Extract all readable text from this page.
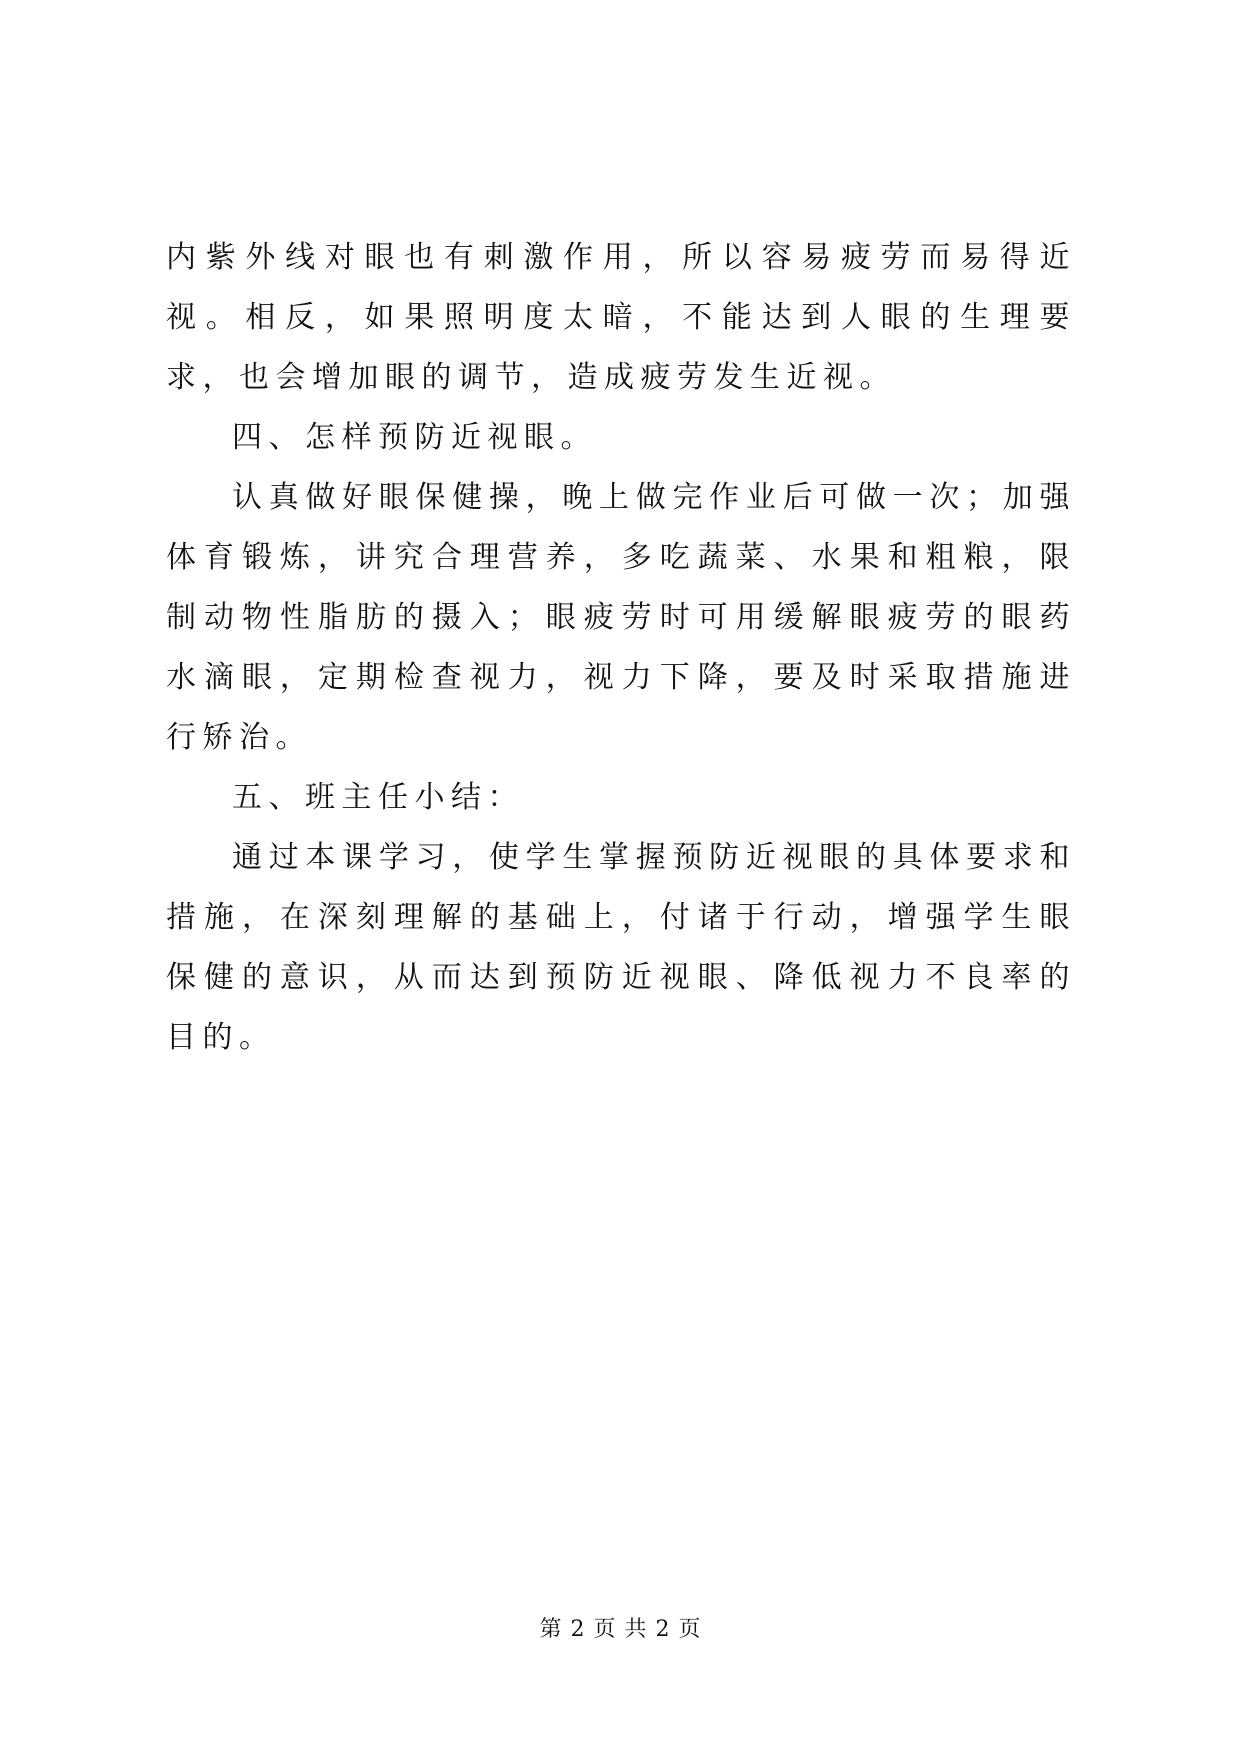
内紫外线对眼也有刺激作用，所以容易疲劳而易得近视。相反，如果照明度太暗，不能达到人眼的生理要求，也会增加眼的调节，造成疲劳发生近视。

四、怎样预防近视眼。

认真做好眼保健操，晚上做完作业后可做一次；加强体育锻炼，讲究合理营养，多吃蔬菜、水果和粗粮，限制动物性脂肪的摄入；眼疲劳时可用缓解眼疲劳的眼药水滴眼，定期检查视力，视力下降，要及时采取措施进行矫治。

五、班主任小结：

通过本课学习，使学生掌握预防近视眼的具体要求和措施，在深刻理解的基础上，付诸于行动，增强学生眼保健的意识，从而达到预防近视眼、降低视力不良率的目的。

第 2 页 共 2 页
